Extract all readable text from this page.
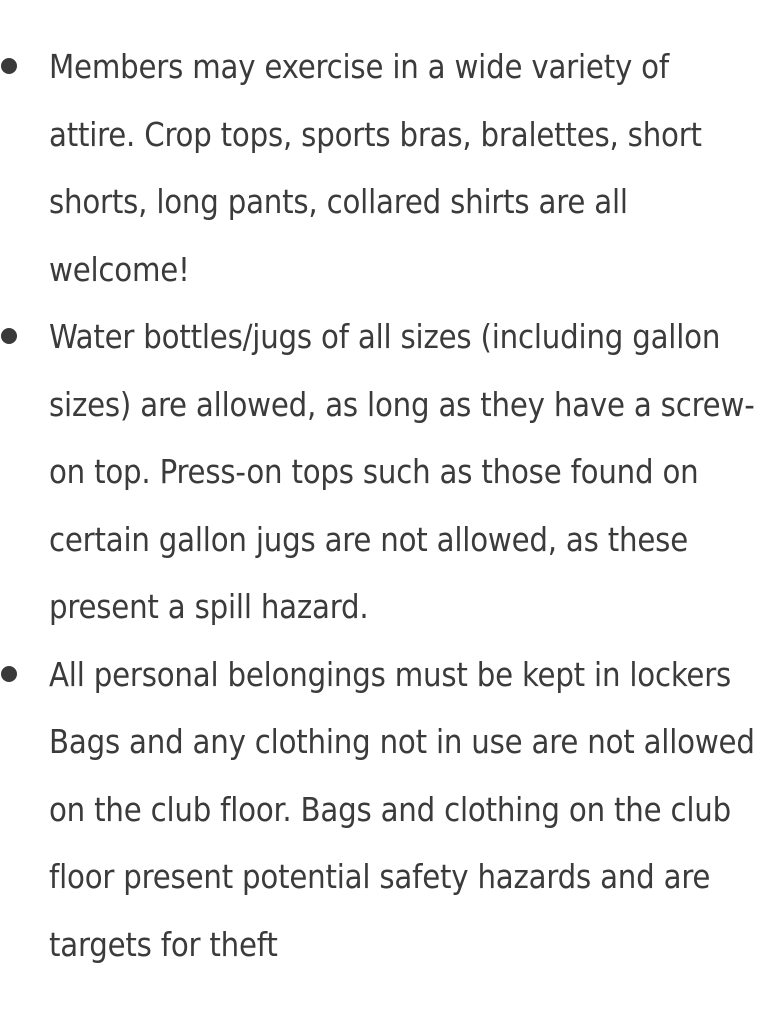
Members may exercise in a wide variety of attire. Crop tops, sports bras, bralettes, short shorts, long pants, collared shirts are all welcome!
Water bottles/jugs of all sizes (including gallon sizes) are allowed, as long as they have a screw-on top. Press-on tops such as those found on certain gallon jugs are not allowed, as these present a spill hazard.
All personal belongings must be kept in lockers Bags and any clothing not in use are not allowed on the club floor. Bags and clothing on the club floor present potential safety hazards and are targets for theft
